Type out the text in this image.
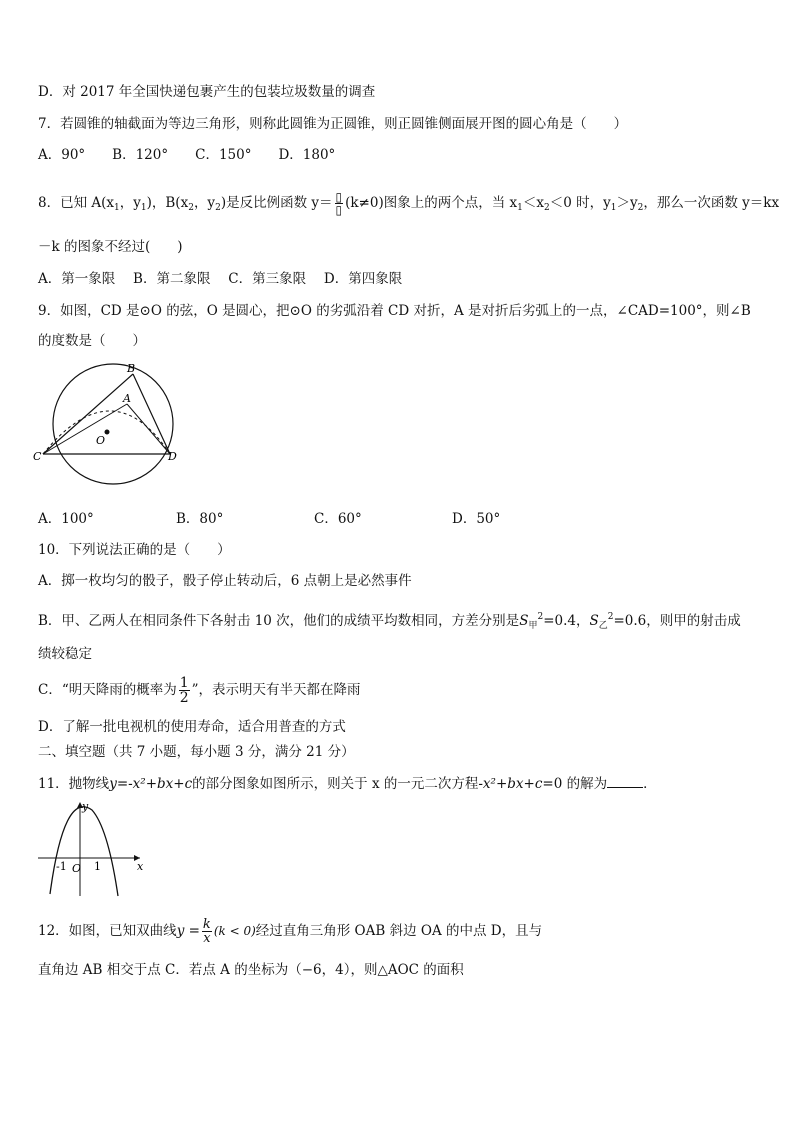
D．对 2017 年全国快递包裹产生的包装垃圾数量的调查
7．若圆锥的轴截面为等边三角形，则称此圆锥为正圆锥，则正圆锥侧面展开图的圆心角是（　　）
A．90°　　B．120°　　C．150°　　D．180°
8．已知 $A(x_1$，$y_1$)，$B(x_2$，$y_2$)是反比例函数 $y= \frac{▯}{▯} (k\ne 0)$图象上的两个点，当 $x_1<x_2<0$ 时，$y_1>y_2$，那么一次函数 y＝kx
－k 的图象不经过(　　)
A．第一象限　 B．第二象限　 C．第三象限　 D．第四象限
9．如图，CD 是⊙O 的弦，O 是圆心，把⊙O 的劣弧沿着 CD 对折，A 是对折后劣弧上的一点，∠CAD=100°，则∠B
的度数是（　　）
B
A
O
C	D
A．100°	B．80°	C．60°	D．50°
10．下列说法正确的是（　　）
A．掷一枚均匀的骰子，骰子停止转动后，6 点朝上是必然事件
B．甲、乙两人在相同条件下各射击 10 次，他们的成绩平均数相同，方差分别是$S_甲^2=0.4$，$S_乙^2=0.6$，则甲的射击成
绩较稳定
C．“明天降雨的概率为 $\frac{1}{2}$ ”，表示明天有半天都在降雨
D．了解一批电视机的使用寿命，适合用普查的方式
二、填空题（共 7 小题，每小题 3 分，满分 21 分）
11．抛物线y=-x²+bx+c的部分图象如图所示，则关于 x 的一元二次方程-x²+bx+c=0 的解为	．
y
x
O
-1 1
12．如图，已知双曲线$y = \frac{k}{x} (k < 0)$经过直角三角形 OAB 斜边 OA 的中点 D，且与
直角边 AB 相交于点 C．若点 A 的坐标为（−6，4），则△AOC 的面积
